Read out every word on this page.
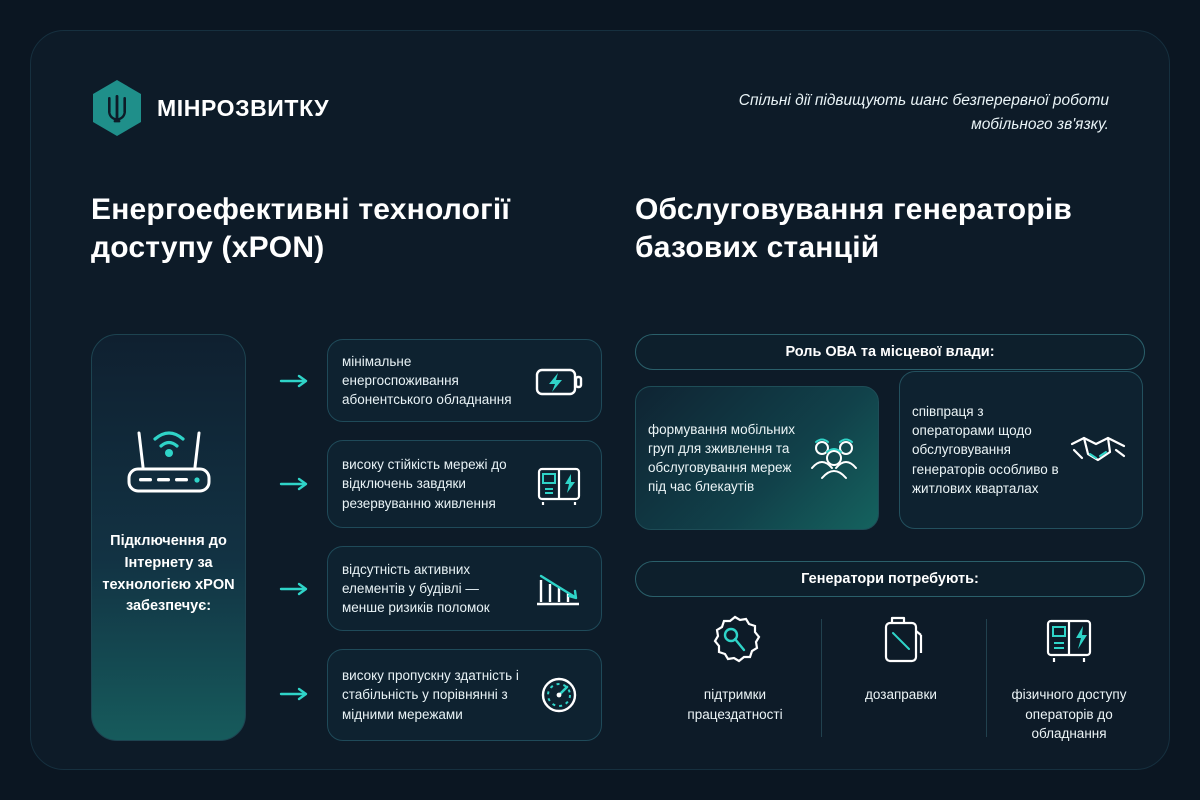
МІНРОЗВИТКУ	Спільні дії підвищують шанс безперервної роботи мобільного зв'язку.
Енергоефективні технології доступу (xPON)
Підключення до Інтернету за технологією xPON забезпечує:
мінімальне енергоспоживання абонентського обладнання
високу стійкість мережі до відключень завдяки резервуванню живлення
відсутність активних елементів у будівлі — менше ризиків поломок
високу пропускну здатність і стабільність у порівнянні з мідними мережами
Обслуговування генераторів базових станцій
Роль ОВА та місцевої влади:
формування мобільних груп для зживлення та обслуговування мереж під час блекаутів
співпраця з операторами щодо обслуговування генераторів особливо в житлових кварталах
Генератори потребують:
підтримки працездатності
дозаправки	фізичного доступу операторів до обладнання
